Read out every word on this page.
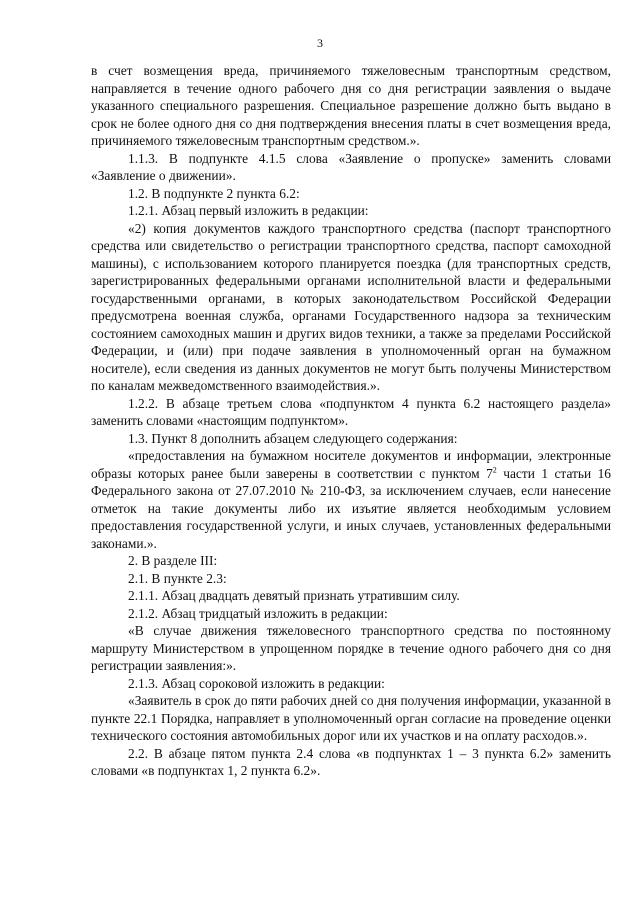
3

в счет возмещения вреда, причиняемого тяжеловесным транспортным средством, направляется в течение одного рабочего дня со дня регистрации заявления о выдаче указанного специального разрешения. Специальное разрешение должно быть выдано в срок не более одного дня со дня подтверждения внесения платы в счет возмещения вреда, причиняемого тяжеловесным транспортным средством.».

1.1.3. В подпункте 4.1.5 слова «Заявление о пропуске» заменить словами «Заявление о движении».

1.2. В подпункте 2 пункта 6.2:

1.2.1. Абзац первый изложить в редакции:

«2) копия документов каждого транспортного средства (паспорт транспортного средства или свидетельство о регистрации транспортного средства, паспорт самоходной машины), с использованием которого планируется поездка (для транспортных средств, зарегистрированных федеральными органами исполнительной власти и федеральными государственными органами, в которых законодательством Российской Федерации предусмотрена военная служба, органами Государственного надзора за техническим состоянием самоходных машин и других видов техники, а также за пределами Российской Федерации, и (или) при подаче заявления в уполномоченный орган на бумажном носителе), если сведения из данных документов не могут быть получены Министерством по каналам межведомственного взаимодействия.».

1.2.2. В абзаце третьем слова «подпунктом 4 пункта 6.2 настоящего раздела» заменить словами «настоящим подпунктом».

1.3. Пункт 8 дополнить абзацем следующего содержания:

«предоставления на бумажном носителе документов и информации, электронные образы которых ранее были заверены в соответствии с пунктом $7^2$ части 1 статьи 16 Федерального закона от 27.07.2010 № 210-ФЗ, за исключением случаев, если нанесение отметок на такие документы либо их изъятие является необходимым условием предоставления государственной услуги, и иных случаев, установленных федеральными законами.».

2. В разделе III:

2.1. В пункте 2.3:

2.1.1. Абзац двадцать девятый признать утратившим силу.

2.1.2. Абзац тридцатый изложить в редакции:

«В случае движения тяжеловесного транспортного средства по постоянному маршруту Министерством в упрощенном порядке в течение одного рабочего дня со дня регистрации заявления:».

2.1.3. Абзац сороковой изложить в редакции:

«Заявитель в срок до пяти рабочих дней со дня получения информации, указанной в пункте 22.1 Порядка, направляет в уполномоченный орган согласие на проведение оценки технического состояния автомобильных дорог или их участков и на оплату расходов.».

2.2. В абзаце пятом пункта 2.4 слова «в подпунктах 1 – 3 пункта 6.2» заменить словами «в подпунктах 1, 2 пункта 6.2».
